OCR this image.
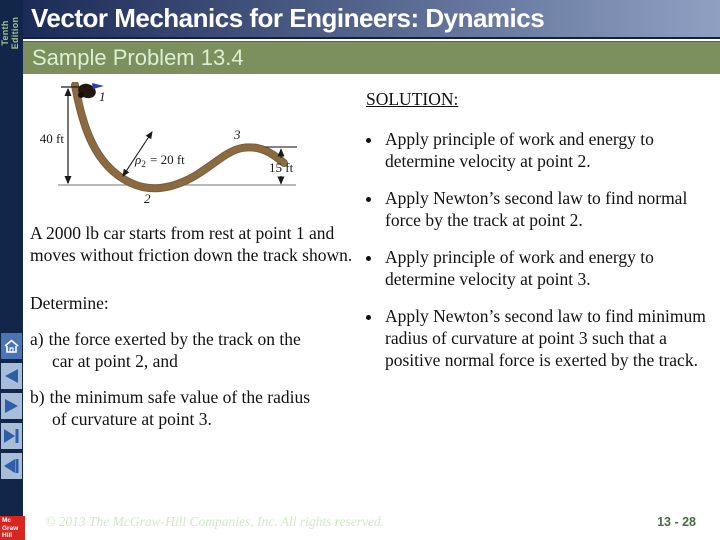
Tenth Edition
Mc
Graw
Hill
Vector Mechanics for Engineers: Dynamics
Sample Problem 13.4
40 ft
$\rho_2 = 20$ ft
1
2
3
15 ft
A 2000 lb car starts from rest at point 1 and moves without friction down the track shown.
Determine:
a) the force exerted by the track on the car at point 2, and
b) the minimum safe value of the radius of curvature at point 3.
SOLUTION:
• Apply principle of work and energy to determine velocity at point 2.
• Apply Newton’s second law to find normal force by the track at point 2.
• Apply principle of work and energy to determine velocity at point 3.
• Apply Newton’s second law to find minimum radius of curvature at point 3 such that a positive normal force is exerted by the track.
© 2013 The McGraw-Hill Companies, Inc. All rights reserved.	13 - 28
